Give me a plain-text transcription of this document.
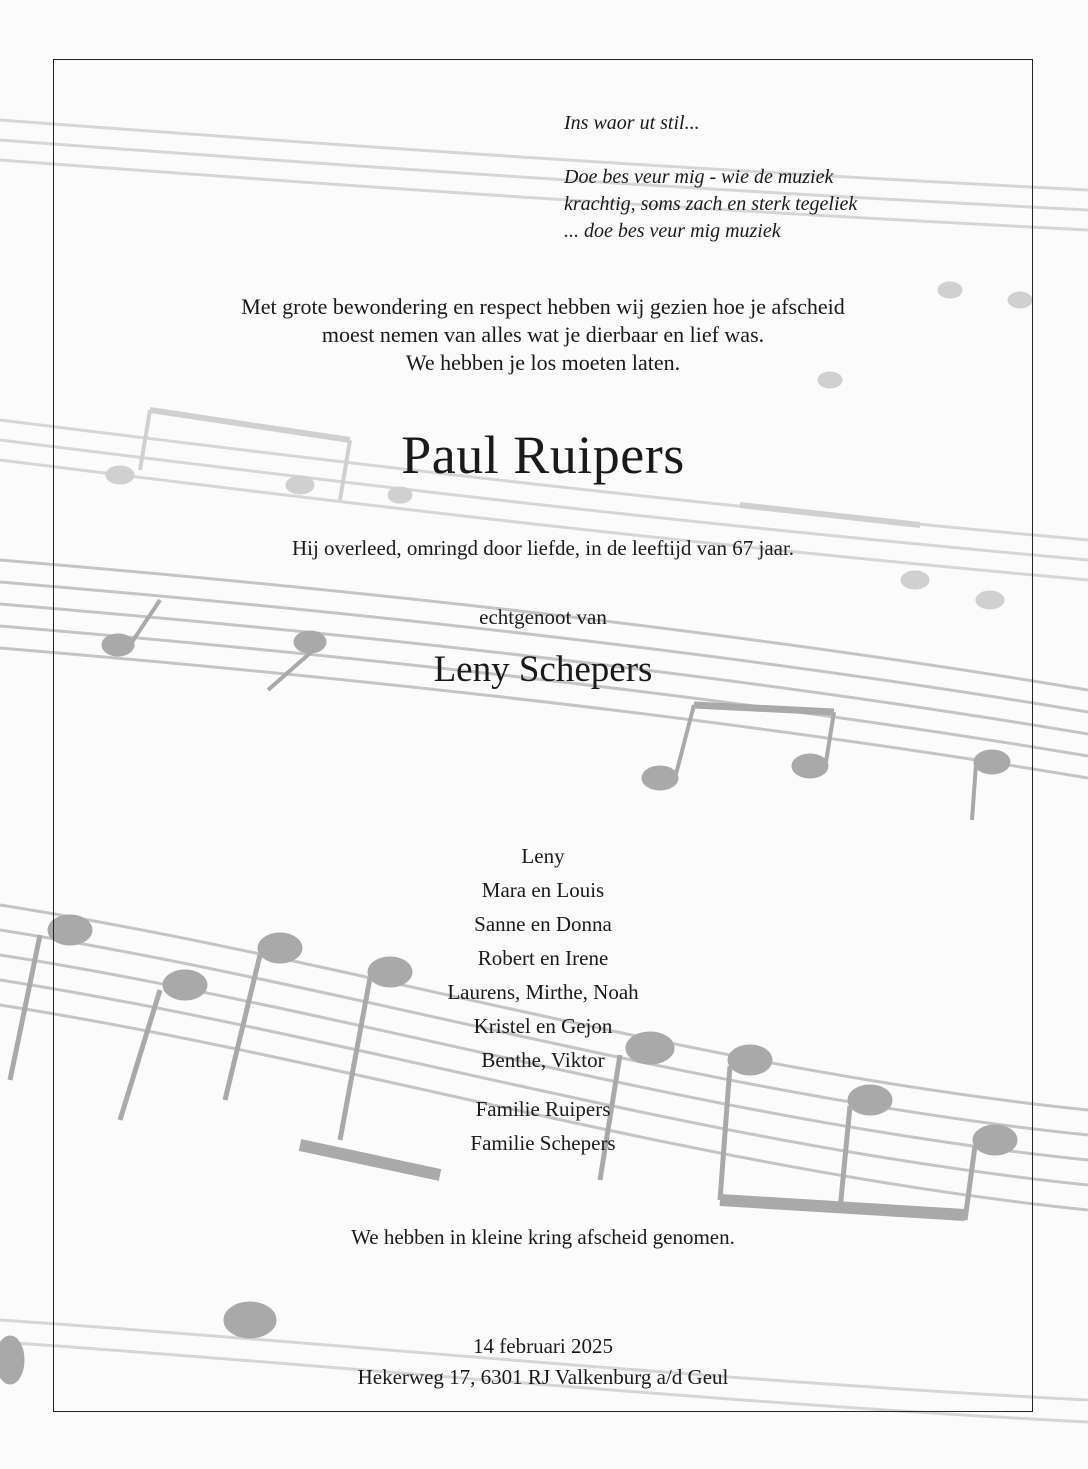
Ins waor ut stil...
Doe bes veur mig - wie de muziek
krachtig, soms zach en sterk tegeliek
... doe bes veur mig muziek
Met grote bewondering en respect hebben wij gezien hoe je afscheid
moest nemen van alles wat je dierbaar en lief was.
We hebben je los moeten laten.
Paul Ruipers
Hij overleed, omringd door liefde, in de leeftijd van 67 jaar.
echtgenoot van
Leny Schepers
Leny
Mara en Louis
Sanne en Donna
Robert en Irene
Laurens, Mirthe, Noah
Kristel en Gejon
Benthe, Viktor
Familie Ruipers
Familie Schepers
We hebben in kleine kring afscheid genomen.
14 februari 2025
Hekerweg 17, 6301 RJ Valkenburg a/d Geul
